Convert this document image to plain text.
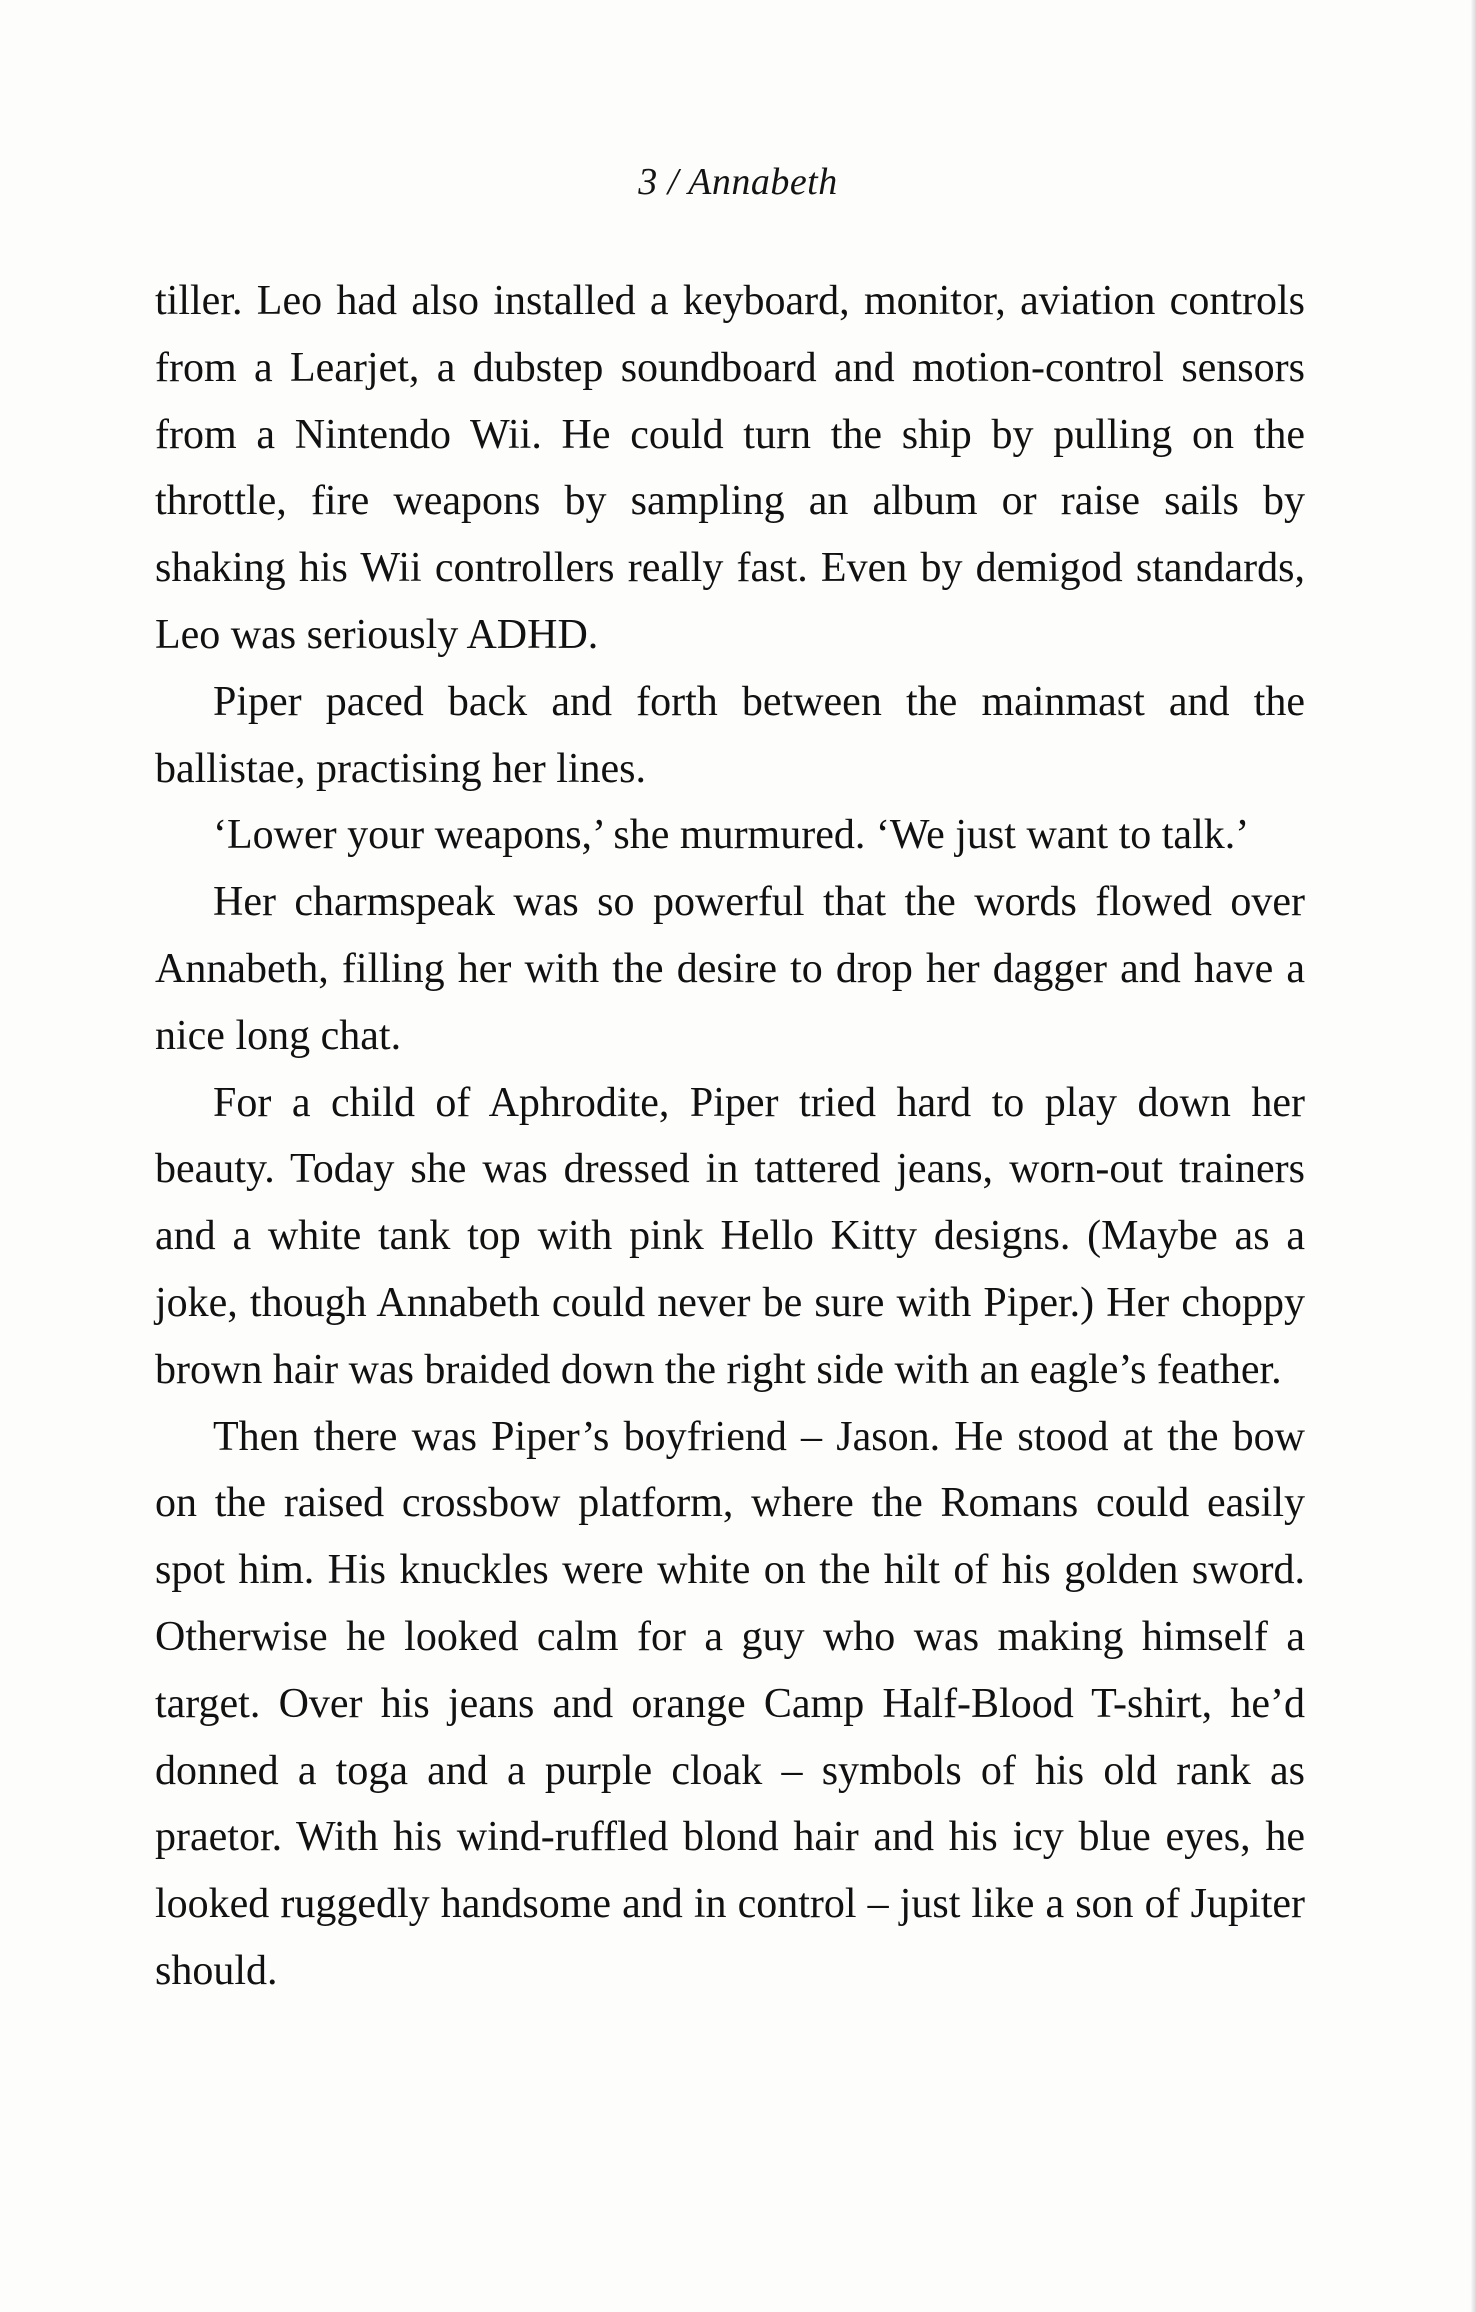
3 / Annabeth

tiller. Leo had also installed a keyboard, monitor, aviation controls from a Learjet, a dubstep soundboard and motion-control sensors from a Nintendo Wii. He could turn the ship by pulling on the throttle, fire weapons by sampling an album or raise sails by shaking his Wii controllers really fast. Even by demigod standards, Leo was seriously ADHD.

Piper paced back and forth between the mainmast and the ballistae, practising her lines.

‘Lower your weapons,’ she murmured. ‘We just want to talk.’

Her charmspeak was so powerful that the words flowed over Annabeth, filling her with the desire to drop her dagger and have a nice long chat.

For a child of Aphrodite, Piper tried hard to play down her beauty. Today she was dressed in tattered jeans, worn-out trainers and a white tank top with pink Hello Kitty designs. (Maybe as a joke, though Annabeth could never be sure with Piper.) Her choppy brown hair was braided down the right side with an eagle’s feather.

Then there was Piper’s boyfriend – Jason. He stood at the bow on the raised crossbow platform, where the Romans could easily spot him. His knuckles were white on the hilt of his golden sword. Otherwise he looked calm for a guy who was making himself a target. Over his jeans and orange Camp Half-Blood T-shirt, he’d donned a toga and a purple cloak – symbols of his old rank as praetor. With his wind-ruffled blond hair and his icy blue eyes, he looked ruggedly handsome and in control – just like a son of Jupiter should.
